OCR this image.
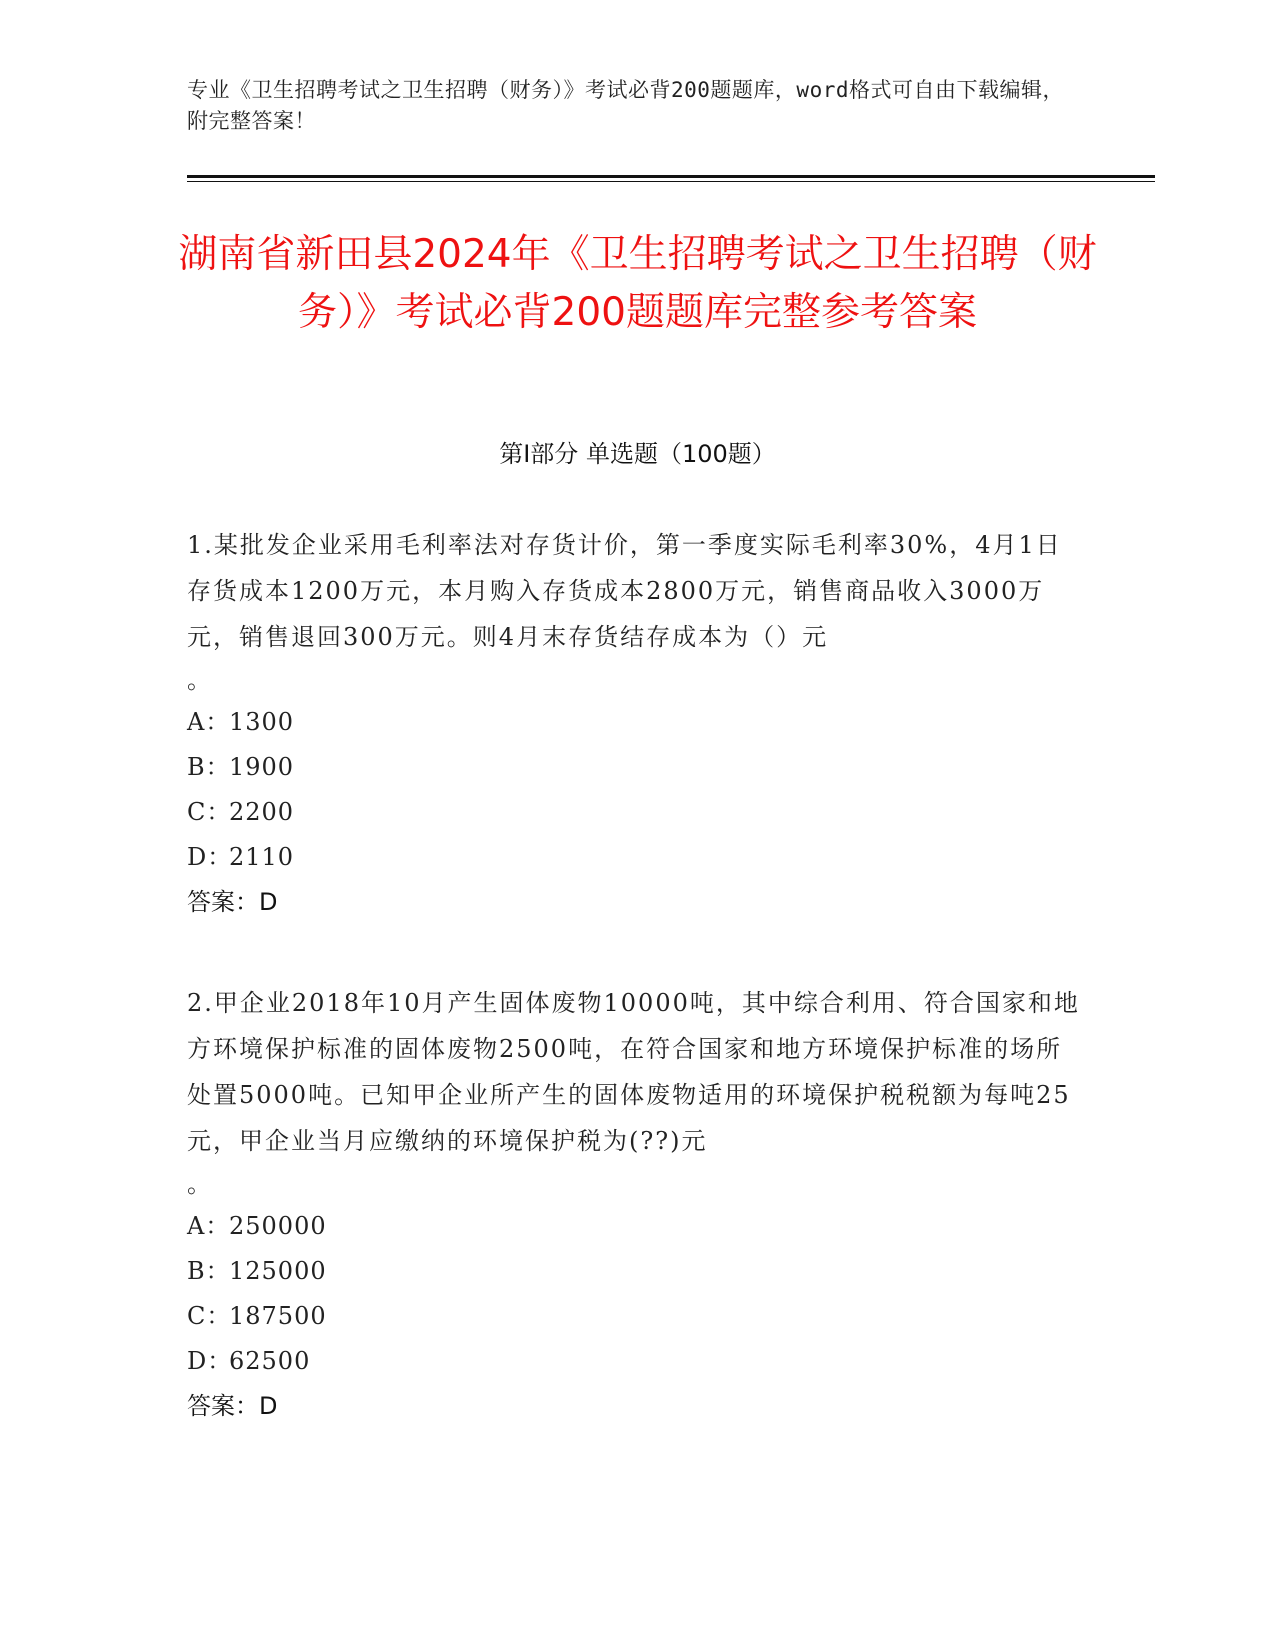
专业《卫生招聘考试之卫生招聘（财务）》考试必背200题题库，word格式可自由下载编辑，附完整答案！
湖南省新田县2024年《卫生招聘考试之卫生招聘（财务）》考试必背200题题库完整参考答案
第I部分 单选题（100题）

1.某批发企业采用毛利率法对存货计价，第一季度实际毛利率30%，4月1日存货成本1200万元，本月购入存货成本2800万元，销售商品收入3000万元，销售退回300万元。则4月末存货结存成本为（）元
。

A：1300
B：1900
C：2200
D：2110
答案：D

2.甲企业2018年10月产生固体废物10000吨，其中综合利用、符合国家和地方环境保护标准的固体废物2500吨，在符合国家和地方环境保护标准的场所处置5000吨。已知甲企业所产生的固体废物适用的环境保护税税额为每吨25元，甲企业当月应缴纳的环境保护税为(??)元
。

A：250000
B：125000
C：187500
D：62500
答案：D
